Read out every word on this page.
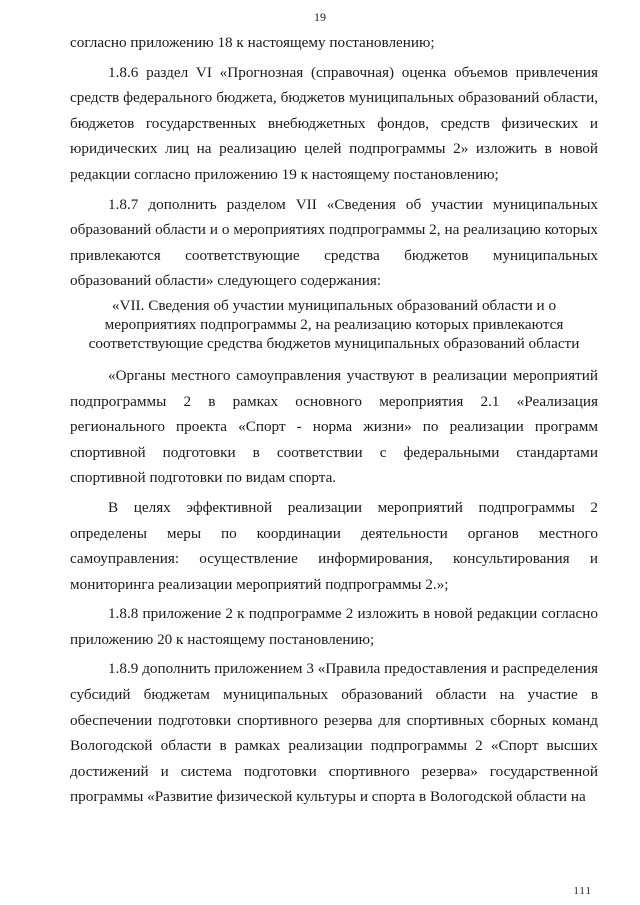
19

согласно приложению 18 к настоящему постановлению;

1.8.6 раздел VI «Прогнозная (справочная) оценка объемов привлечения средств федерального бюджета, бюджетов муниципальных образований области, бюджетов государственных внебюджетных фондов, средств физических и юридических лиц на реализацию целей подпрограммы 2» изложить в новой редакции согласно приложению 19 к настоящему постановлению;

1.8.7 дополнить разделом VII «Сведения об участии муниципальных образований области и о мероприятиях подпрограммы 2, на реализацию которых привлекаются соответствующие средства бюджетов муниципальных образований области» следующего содержания:

«VII. Сведения об участии муниципальных образований области и о мероприятиях подпрограммы 2, на реализацию которых привлекаются соответствующие средства бюджетов муниципальных образований области

«Органы местного самоуправления участвуют в реализации мероприятий подпрограммы 2 в рамках основного мероприятия 2.1 «Реализация регионального проекта «Спорт - норма жизни» по реализации программ спортивной подготовки в соответствии с федеральными стандартами спортивной подготовки по видам спорта.

В целях эффективной реализации мероприятий подпрограммы 2 определены меры по координации деятельности органов местного самоуправления: осуществление информирования, консультирования и мониторинга реализации мероприятий подпрограммы 2.»;

1.8.8 приложение 2 к подпрограмме 2 изложить в новой редакции согласно приложению 20 к настоящему постановлению;

1.8.9 дополнить приложением 3 «Правила предоставления и распределения субсидий бюджетам муниципальных образований области на участие в обеспечении подготовки спортивного резерва для спортивных сборных команд Вологодской области в рамках реализации подпрограммы 2 «Спорт высших достижений и система подготовки спортивного резерва» государственной программы «Развитие физической культуры и спорта в Вологодской области на

111
